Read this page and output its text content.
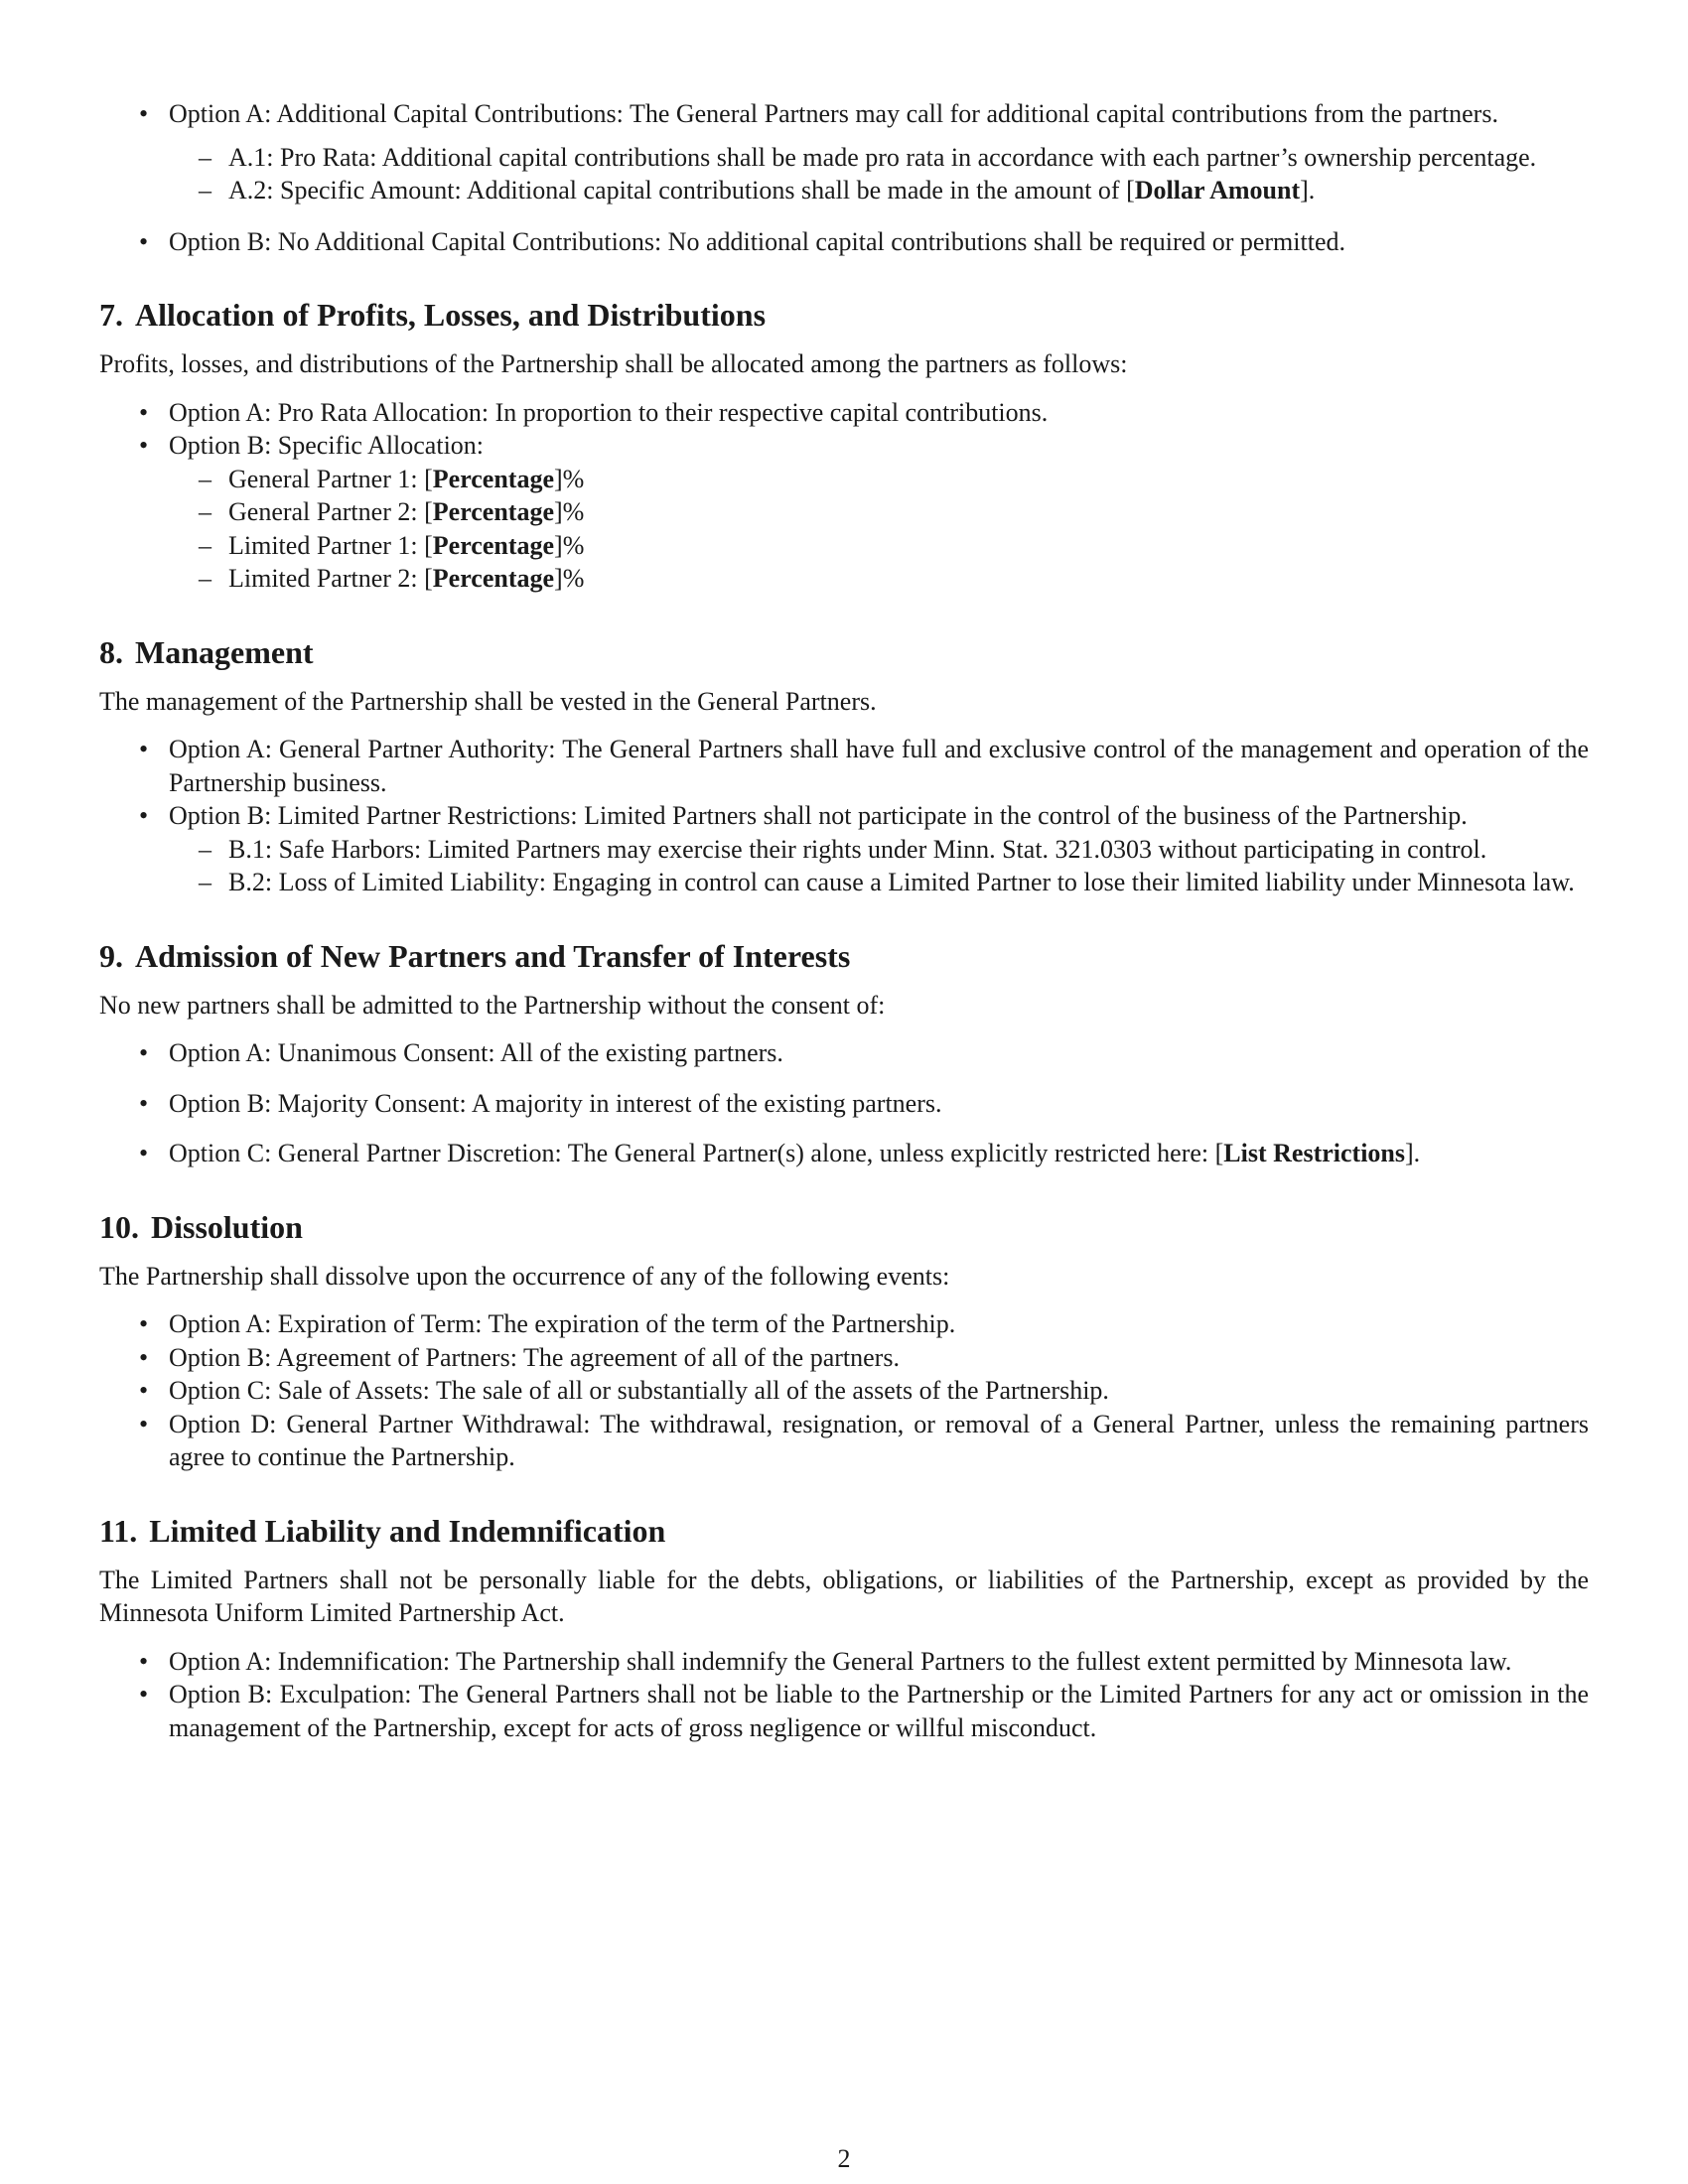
• Option A: Additional Capital Contributions: The General Partners may call for additional capital contributions from the partners.
– A.1: Pro Rata: Additional capital contributions shall be made pro rata in accordance with each partner’s ownership percentage.
– A.2: Specific Amount: Additional capital contributions shall be made in the amount of [Dollar Amount].
• Option B: No Additional Capital Contributions: No additional capital contributions shall be required or permitted.
7. Allocation of Profits, Losses, and Distributions

Profits, losses, and distributions of the Partnership shall be allocated among the partners as follows:

• Option A: Pro Rata Allocation: In proportion to their respective capital contributions.
• Option B: Specific Allocation:
– General Partner 1: [Percentage]%
– General Partner 2: [Percentage]%
– Limited Partner 1: [Percentage]%
– Limited Partner 2: [Percentage]%
8. Management

The management of the Partnership shall be vested in the General Partners.

• Option A: General Partner Authority: The General Partners shall have full and exclusive control of the management and operation of the Partnership business.
• Option B: Limited Partner Restrictions: Limited Partners shall not participate in the control of the business of the Partnership.
– B.1: Safe Harbors: Limited Partners may exercise their rights under Minn. Stat. 321.0303 without participating in control.
– B.2: Loss of Limited Liability: Engaging in control can cause a Limited Partner to lose their limited liability under Minnesota law.
9. Admission of New Partners and Transfer of Interests

No new partners shall be admitted to the Partnership without the consent of:

• Option A: Unanimous Consent: All of the existing partners.
• Option B: Majority Consent: A majority in interest of the existing partners.
• Option C: General Partner Discretion: The General Partner(s) alone, unless explicitly restricted here: [List Restrictions].
10. Dissolution

The Partnership shall dissolve upon the occurrence of any of the following events:

• Option A: Expiration of Term: The expiration of the term of the Partnership.
• Option B: Agreement of Partners: The agreement of all of the partners.
• Option C: Sale of Assets: The sale of all or substantially all of the assets of the Partnership.
• Option D: General Partner Withdrawal: The withdrawal, resignation, or removal of a General Partner, unless the remaining partners agree to continue the Partnership.
11. Limited Liability and Indemnification

The Limited Partners shall not be personally liable for the debts, obligations, or liabilities of the Partnership, except as provided by the Minnesota Uniform Limited Partnership Act.

• Option A: Indemnification: The Partnership shall indemnify the General Partners to the fullest extent permitted by Minnesota law.
• Option B: Exculpation: The General Partners shall not be liable to the Partnership or the Limited Partners for any act or omission in the management of the Partnership, except for acts of gross negligence or willful misconduct.
2
